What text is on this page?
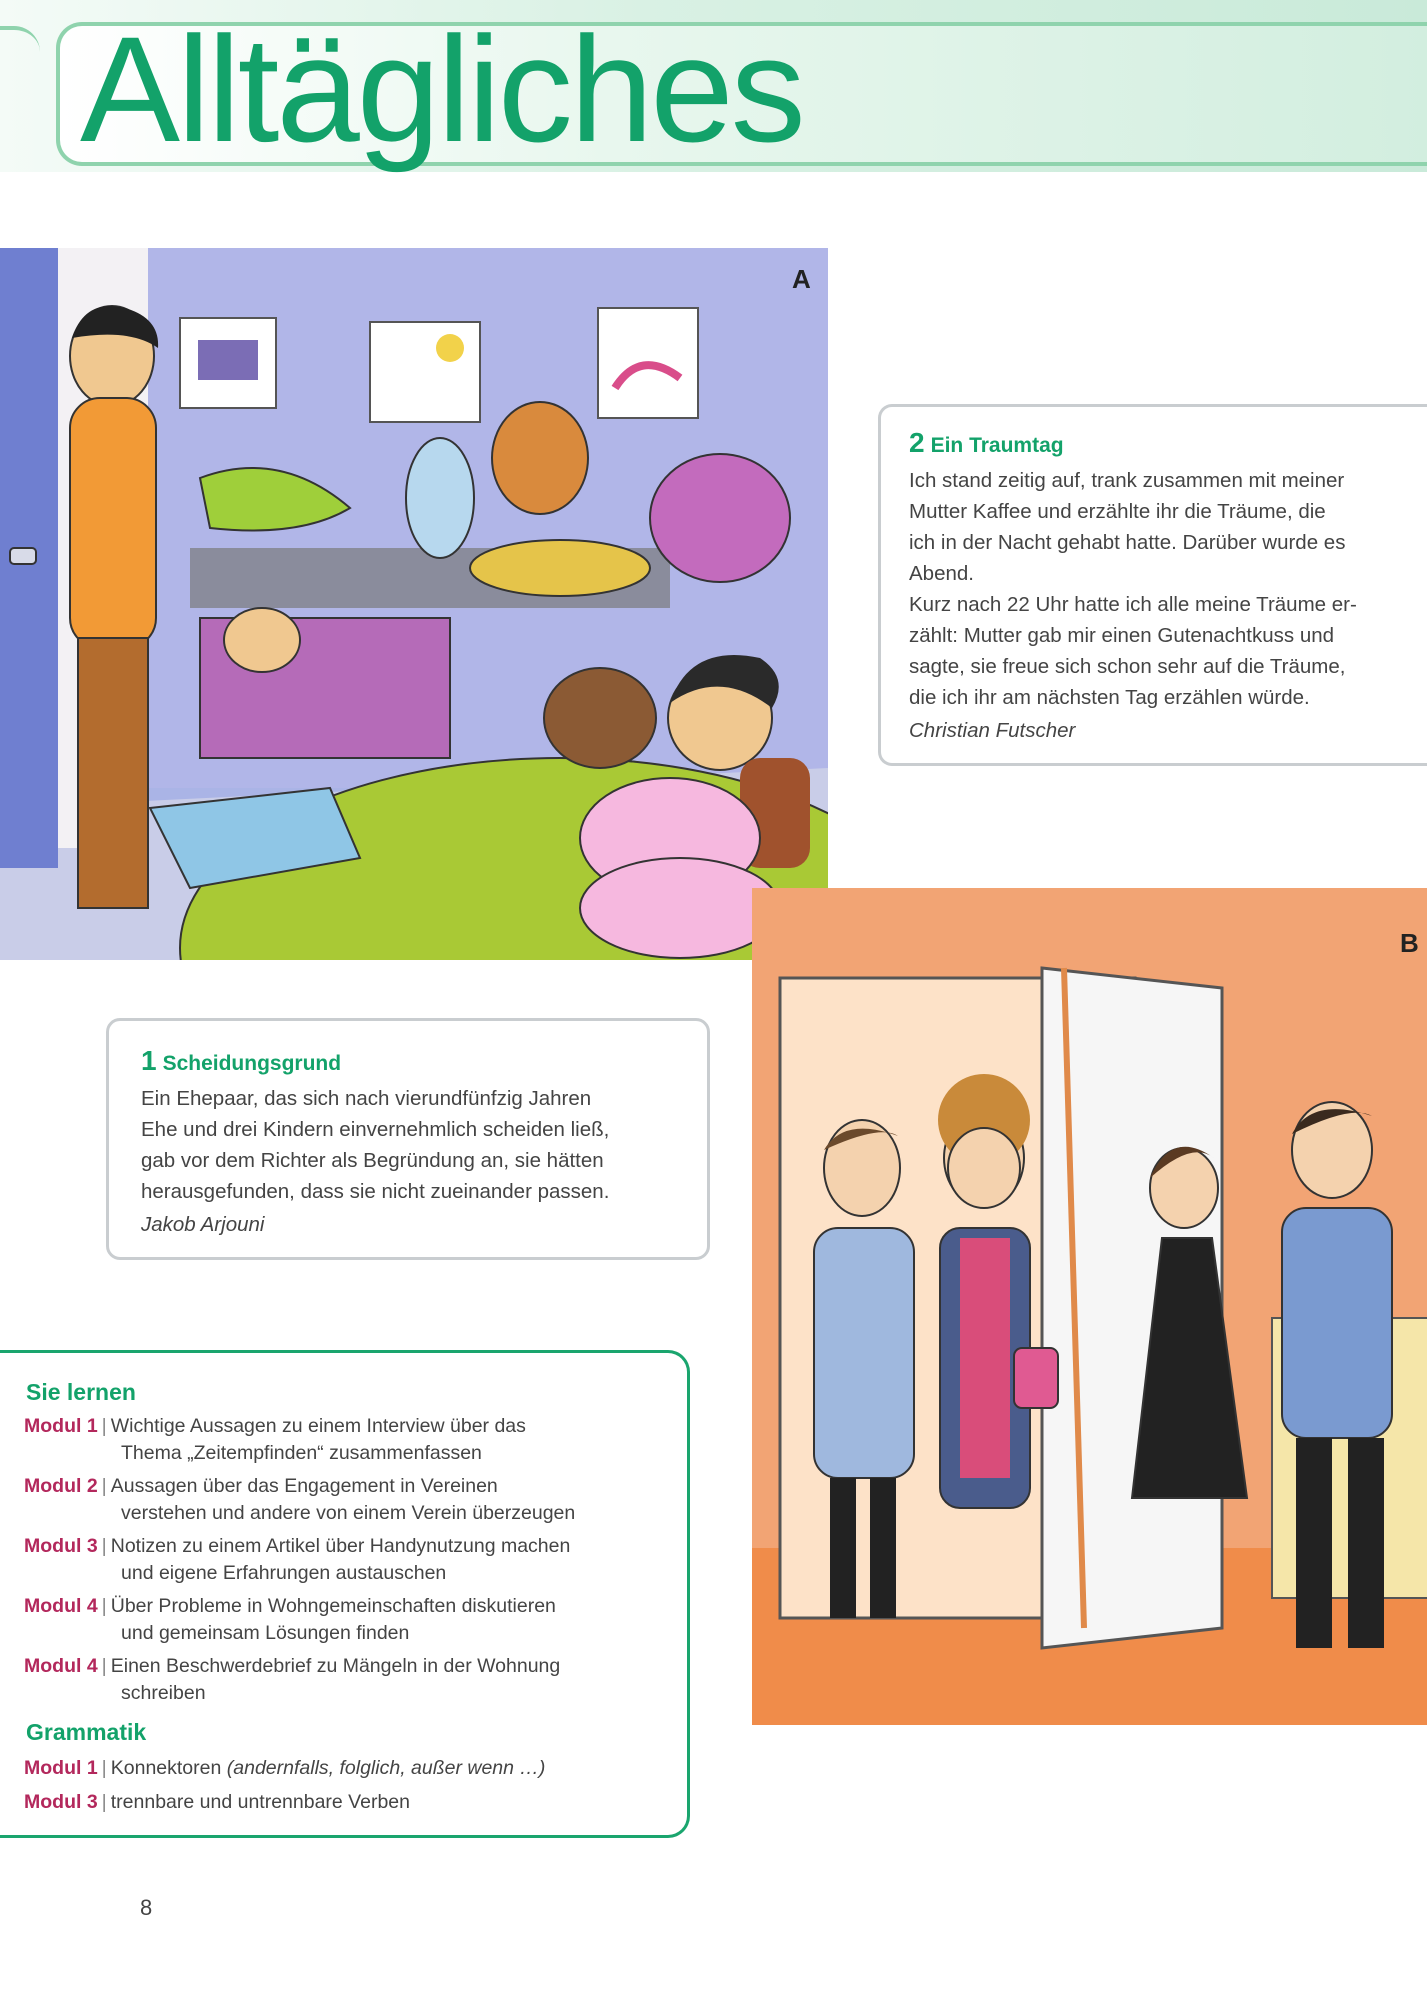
Alltägliches
A
B
2 Ein Traumtag
Ich stand zeitig auf, trank zusammen mit meiner
Mutter Kaffee und erzählte ihr die Träume, die
ich in der Nacht gehabt hatte. Darüber wurde es
Abend.
Kurz nach 22 Uhr hatte ich alle meine Träume er-
zählt: Mutter gab mir einen Gutenachtkuss und
sagte, sie freue sich schon sehr auf die Träume,
die ich ihr am nächsten Tag erzählen würde.
Christian Futscher
1 Scheidungsgrund
Ein Ehepaar, das sich nach vierundfünfzig Jahren
Ehe und drei Kindern einvernehmlich scheiden ließ,
gab vor dem Richter als Begründung an, sie hätten
herausgefunden, dass sie nicht zueinander passen.
Jakob Arjouni
Sie lernen
Modul 1 | Wichtige Aussagen zu einem Interview über das
Thema „Zeitempfinden“ zusammenfassen
Modul 2 | Aussagen über das Engagement in Vereinen
verstehen und andere von einem Verein überzeugen
Modul 3 | Notizen zu einem Artikel über Handynutzung machen
und eigene Erfahrungen austauschen
Modul 4 | Über Probleme in Wohngemeinschaften diskutieren
und gemeinsam Lösungen finden
Modul 4 | Einen Beschwerdebrief zu Mängeln in der Wohnung
schreiben
Grammatik
Modul 1 | Konnektoren (andernfalls, folglich, außer wenn …)
Modul 3 | trennbare und untrennbare Verben
8
